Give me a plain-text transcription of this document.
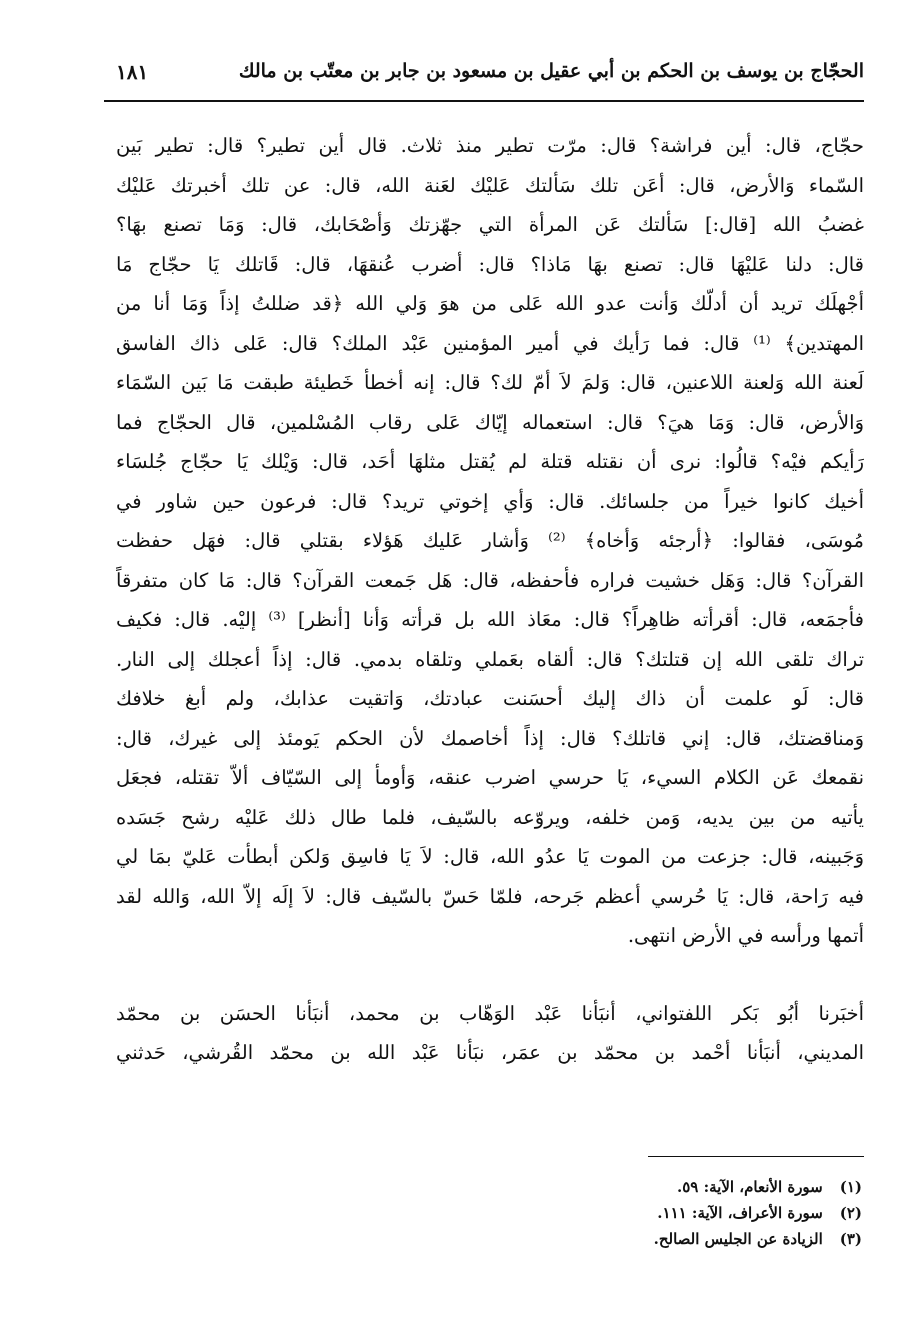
الحجّاج بن يوسف بن الحكم بن أبي عقيل بن مسعود بن جابر بن معتّب بن مالك
١٨١
حجّاج، قال: أين فراشة؟ قال: مرّت تطير منذ ثلاث. قال أين تطير؟ قال: تطير بَين
السّماء وَالأرض، قال: أعَن تلك سَألتك عَليْك لعَنة الله، قال: عن تلك أخبرتك عَليْك
غضبُ الله [قال:] سَألتك عَن المرأة التي جهّزتك وَأصْحَابك، قال: وَمَا تصنع بهَا؟
قال: دلنا عَليْهَا قال: تصنع بهَا مَاذا؟ قال: أضرب عُنقهَا، قال: قَاتلك يَا حجّاج مَا
أجْهلَك تريد أن أدلّك وَأنت عدو الله عَلى من هوَ وَلي الله ﴿قد ضللتُ إذاً وَمَا أنا من
المهتدين﴾ ⁽¹⁾ قال: فما رَأيك في أمير المؤمنين عَبْد الملك؟ قال: عَلى ذاك الفاسق
لَعنة الله وَلعنة اللاعنين، قال: وَلمَ لاَ أمّ لك؟ قال: إنه أخطأ خَطيئة طبقت مَا بَين السّمَاء
وَالأرض، قال: وَمَا هيَ؟ قال: استعماله إيّاك عَلى رقاب المُسْلمين، قال الحجّاج فما
رَأيكم فيْه؟ قالُوا: نرى أن نقتله قتلة لم يُقتل مثلهَا أحَد، قال: وَيْلك يَا حجّاج جُلسَاء
أخيك كانوا خيراً من جلسائك. قال: وَأي إخوتي تريد؟ قال: فرعون حين شاور في
مُوسَى، فقالوا: ﴿أرجئه وَأخاه﴾ ⁽²⁾ وَأشار عَليك هَؤلاء بقتلي قال: فهَل حفظت
القرآن؟ قال: وَهَل خشيت فراره فأحفظه، قال: هَل جَمعت القرآن؟ قال: مَا كان متفرقاً
فأجمَعه، قال: أقرأته ظاهِراً؟ قال: معَاذ الله بل قرأته وَأنا [أنظر] ⁽³⁾ إليْه. قال: فكيف
تراك تلقى الله إن قتلتك؟ قال: ألقاه بعَملي وتلقاه بدمي. قال: إذاً أعجلك إلى النار.
قال: لَو علمت أن ذاك إليك أحسَنت عبادتك، وَاتقيت عذابك، ولم أبغ خلافك
وَمناقضتك، قال: إني قاتلك؟ قال: إذاً أخاصمك لأن الحكم يَومئذ إلى غيرك، قال:
نقمعك عَن الكلام السيء، يَا حرسي اضرب عنقه، وَأومأ إلى السّيّاف ألاّ تقتله، فجعَل
يأتيه من بين يديه، وَمن خلفه، ويروّعه بالسّيف، فلما طال ذلك عَليْه رشح جَسَده
وَجَبينه، قال: جزعت من الموت يَا عدُو الله، قال: لاَ يَا فاسِق وَلكن أبطأت عَليّ بمَا لي
فيه رَاحة، قال: يَا حُرسي أعظم جَرحه، فلمّا حَسّ بالسّيف قال: لاَ إلَه إلاّ الله، وَالله لقد
أتمها ورأسه في الأرض انتهى.
أخبَرنا أبُو بَكر اللفتواني، أنبَأنا عَبْد الوَهّاب بن محمد، أنبَأنا الحسَن بن محمّد
المديني، أنبَأنا أحْمد بن محمّد بن عمَر، نبَأنا عَبْد الله بن محمّد القُرشي، حَدثني
(١) سورة الأنعام، الآية: ٥٩.
(٢) سورة الأعراف، الآية: ١١١.
(٣) الزيادة عن الجليس الصالح.
